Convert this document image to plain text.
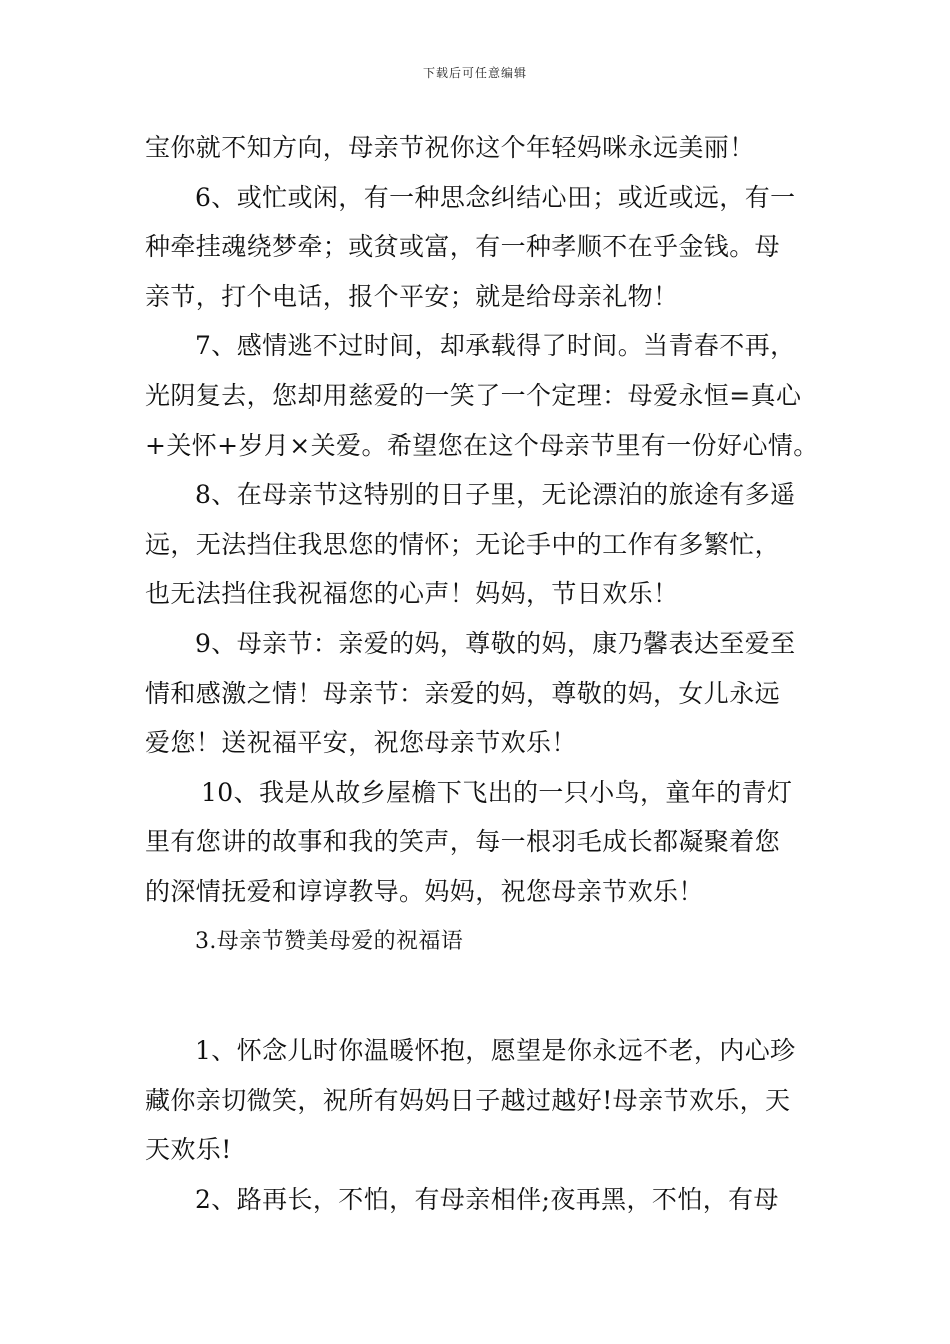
下载后可任意编辑
宝你就不知方向，母亲节祝你这个年轻妈咪永远美丽！
6、或忙或闲，有一种思念纠结心田；或近或远，有一
种牵挂魂绕梦牵；或贫或富，有一种孝顺不在乎金钱。母
亲节，打个电话，报个平安；就是给母亲礼物！
7、感情逃不过时间，却承载得了时间。当青春不再，
光阴复去，您却用慈爱的一笑了一个定理：母爱永恒=真心
+关怀+岁月×关爱。希望您在这个母亲节里有一份好心情。
8、在母亲节这特别的日子里，无论漂泊的旅途有多遥
远，无法挡住我思您的情怀；无论手中的工作有多繁忙，
也无法挡住我祝福您的心声！妈妈，节日欢乐！
9、母亲节：亲爱的妈，尊敬的妈，康乃馨表达至爱至
情和感激之情！母亲节：亲爱的妈，尊敬的妈，女儿永远
爱您！送祝福平安，祝您母亲节欢乐！
10、我是从故乡屋檐下飞出的一只小鸟，童年的青灯
里有您讲的故事和我的笑声，每一根羽毛成长都凝聚着您
的深情抚爱和谆谆教导。妈妈，祝您母亲节欢乐！
3.母亲节赞美母爱的祝福语
1、怀念儿时你温暖怀抱，愿望是你永远不老，内心珍
藏你亲切微笑，祝所有妈妈日子越过越好!母亲节欢乐，天
天欢乐!
2、路再长，不怕，有母亲相伴;夜再黑，不怕，有母
